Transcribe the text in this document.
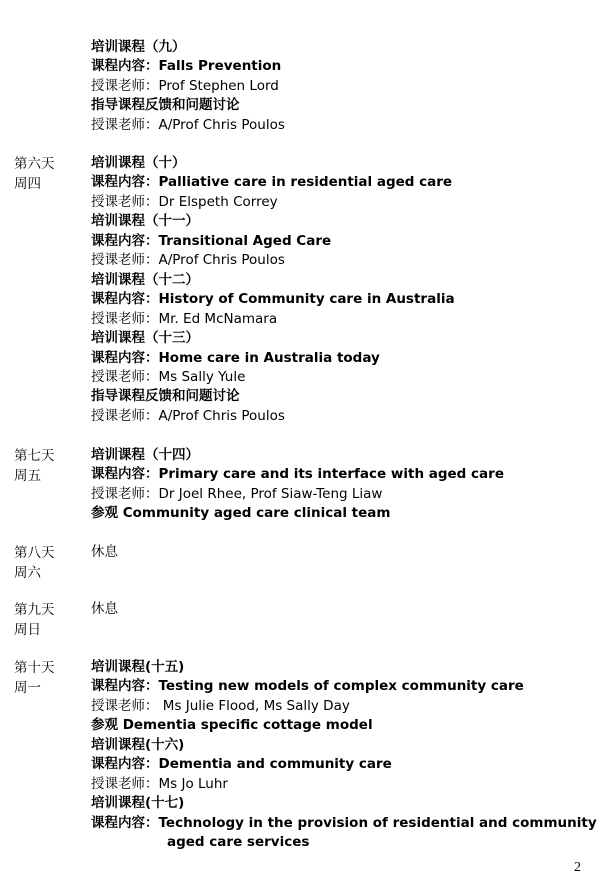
培训课程（九）
课程内容：Falls Prevention
授课老师：Prof Stephen Lord
指导课程反馈和问题讨论
授课老师：A/Prof Chris Poulos
第六天
周四
培训课程（十）
课程内容：Palliative care in residential aged care
授课老师：Dr Elspeth Correy
培训课程（十一）
课程内容：Transitional Aged Care
授课老师：A/Prof Chris Poulos
培训课程（十二）
课程内容：History of Community care in Australia
授课老师：Mr. Ed McNamara
培训课程（十三）
课程内容：Home care in Australia today
授课老师：Ms Sally Yule
指导课程反馈和问题讨论
授课老师：A/Prof Chris Poulos
第七天
周五
培训课程（十四）
课程内容：Primary care and its interface with aged care
授课老师：Dr Joel Rhee, Prof Siaw-Teng Liaw
参观 Community aged care clinical team
第八天
周六
休息
第九天
周日
休息
第十天
周一
培训课程(十五)
课程内容：Testing new models of complex community care
授课老师： Ms Julie Flood, Ms Sally Day
参观 Dementia specific cottage model
培训课程(十六)
课程内容：Dementia and community care
授课老师：Ms Jo Luhr
培训课程(十七)
课程内容：Technology in the provision of residential and community
aged care services
2
